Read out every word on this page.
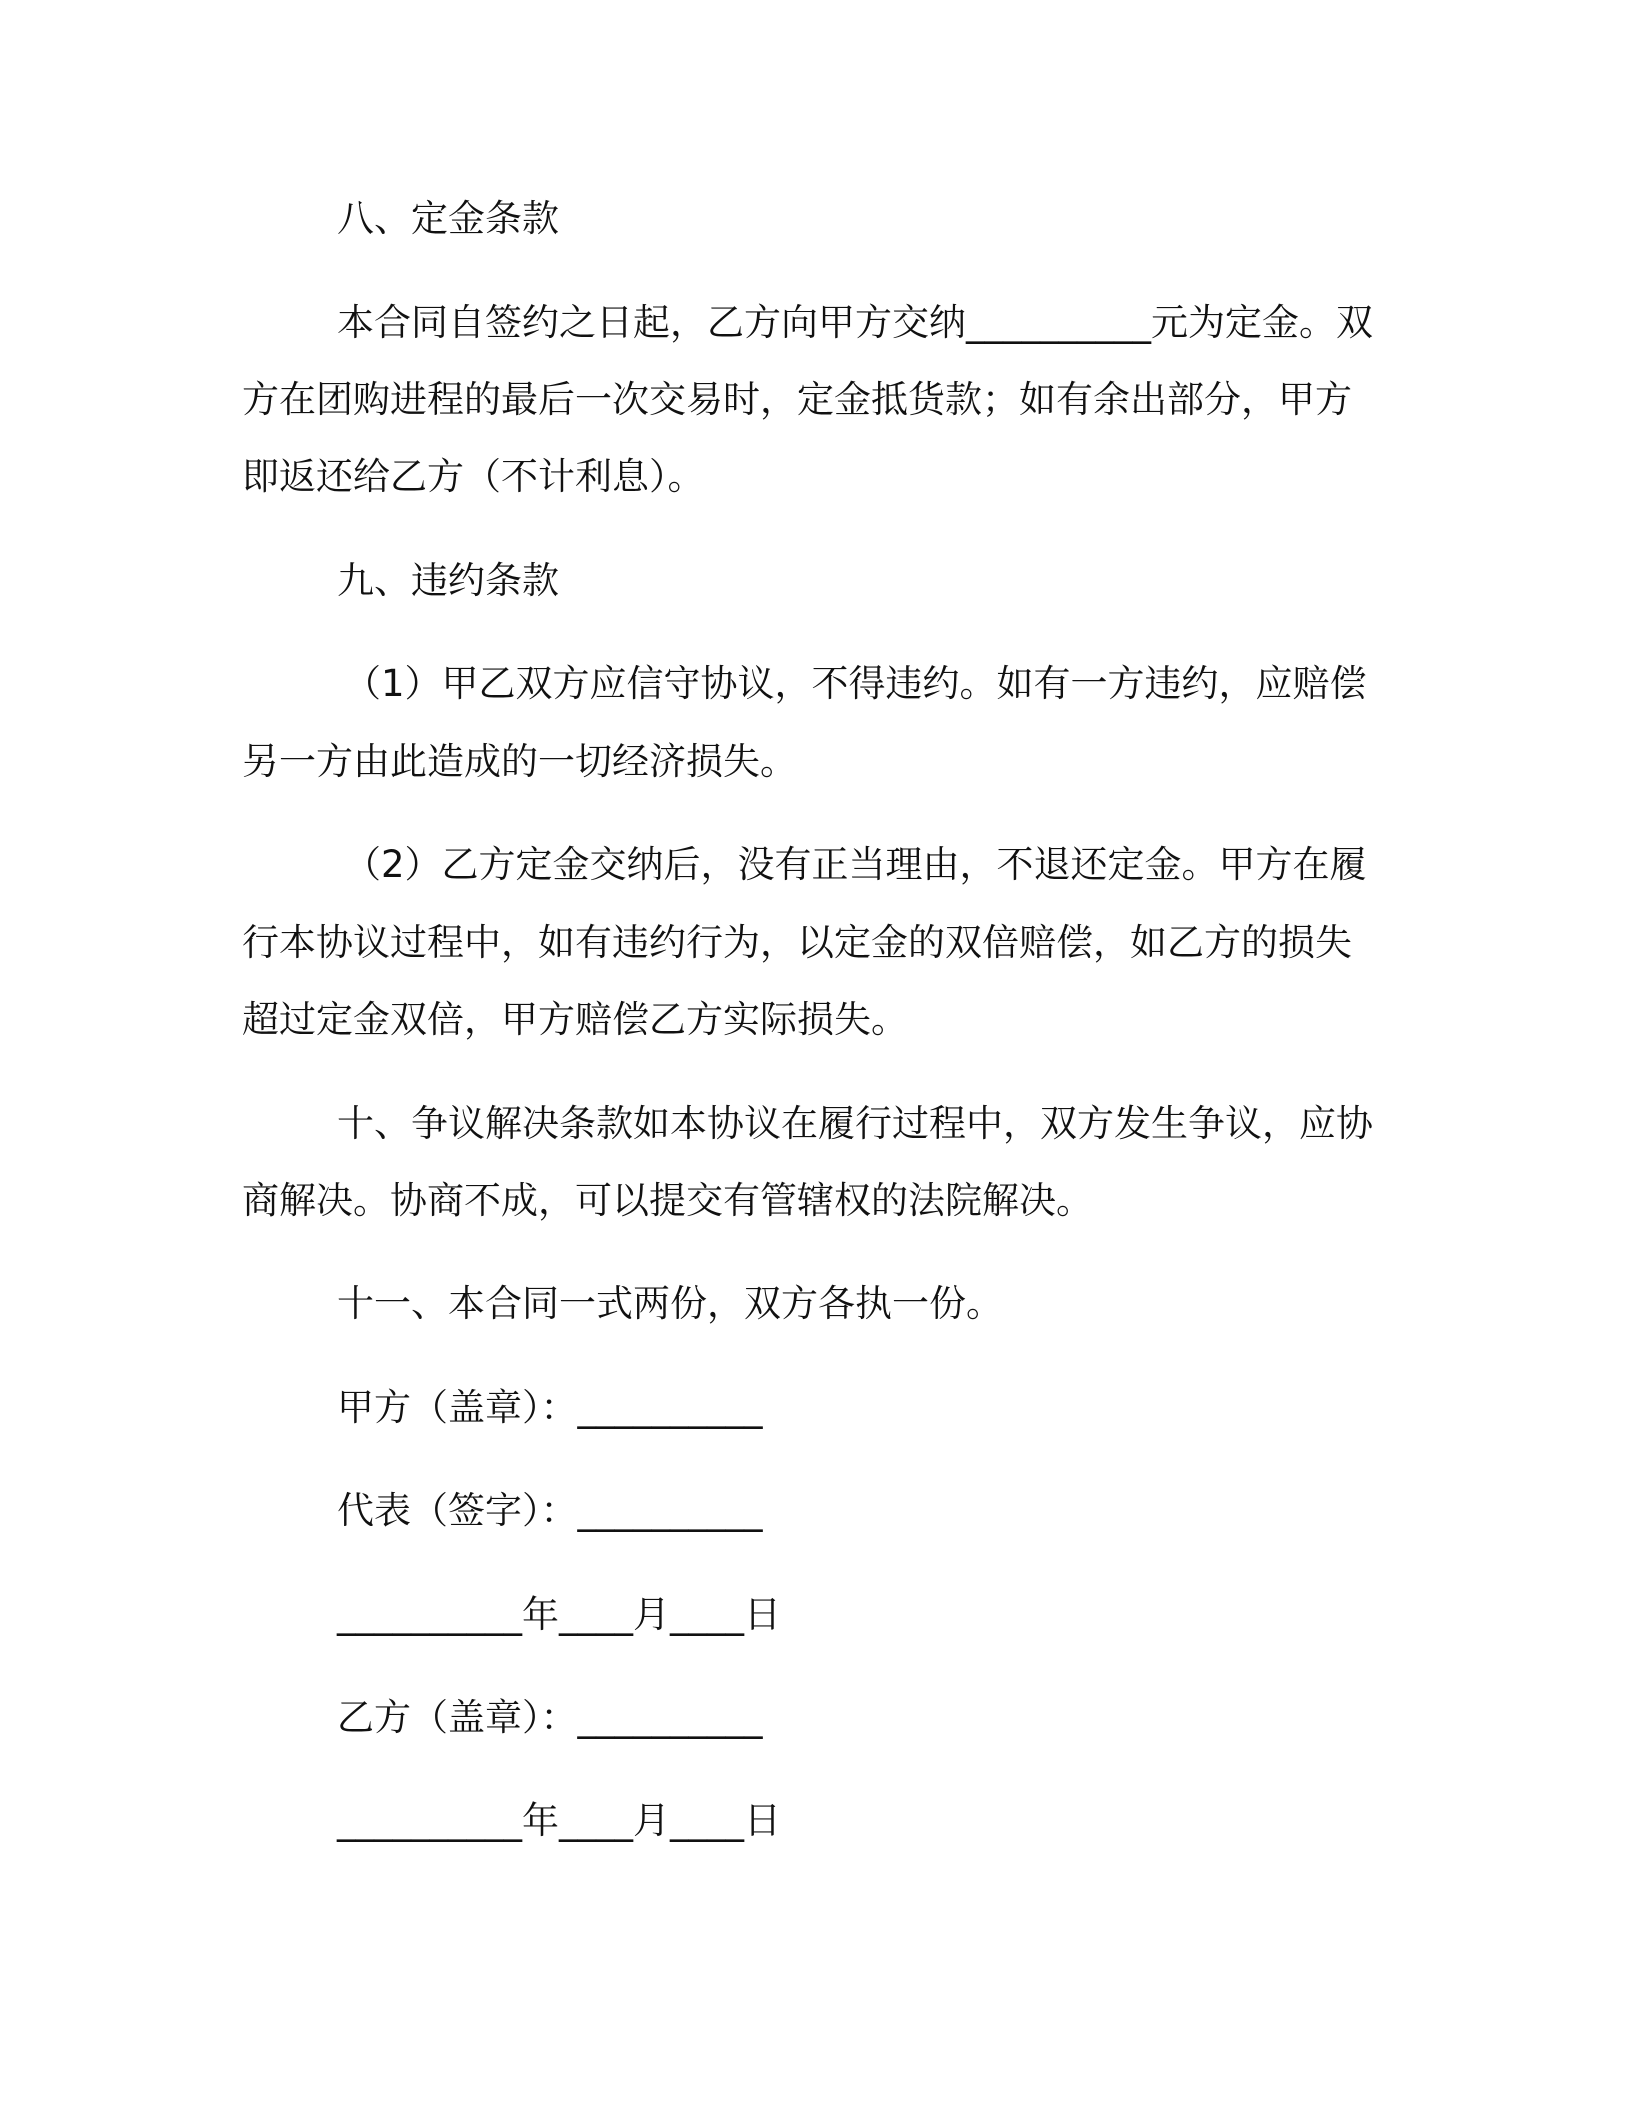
八、定金条款
本合同自签约之日起，乙方向甲方交纳__________元为定金。双
方在团购进程的最后一次交易时，定金抵货款；如有余出部分，甲方
即返还给乙方（不计利息）。
九、违约条款
（1）甲乙双方应信守协议，不得违约。如有一方违约，应赔偿
另一方由此造成的一切经济损失。
（2）乙方定金交纳后，没有正当理由，不退还定金。甲方在履
行本协议过程中，如有违约行为，以定金的双倍赔偿，如乙方的损失
超过定金双倍，甲方赔偿乙方实际损失。
十、争议解决条款如本协议在履行过程中，双方发生争议，应协
商解决。协商不成，可以提交有管辖权的法院解决。
十一、本合同一式两份，双方各执一份。
甲方（盖章）：__________
代表（签字）：__________
__________年____月____日
乙方（盖章）：__________
__________年____月____日
